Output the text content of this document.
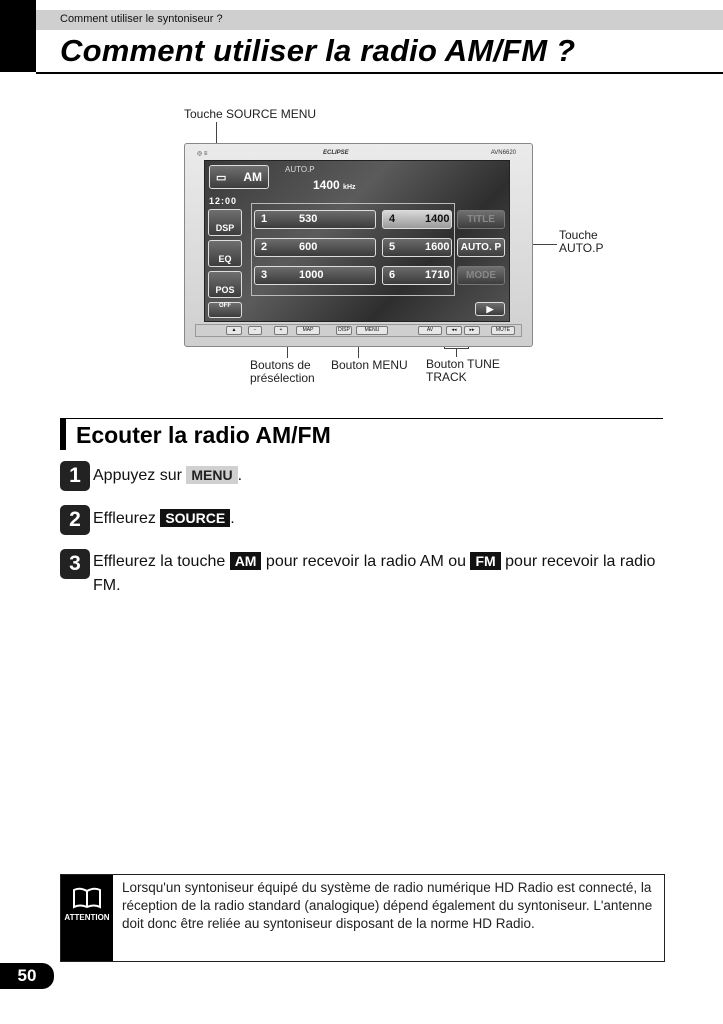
Comment utiliser le syntoniseur ?
Comment utiliser la radio AM/FM ?
Touche SOURCE MENU
Touche
AUTO.P
Boutons de
présélection
Bouton MENU Bouton TUNE
TRACK
◎ ≡	ECLIPSE	AVN6620
▭ AM
AUTO.P
1400 kHz
12:00
DSP
EQ
POS
OFF
1	530
2	600
3	1000
4	1400
5	1600
6	1710
TITLE
AUTO. P
MODE
▶
▲	−	+	MAP	DISP	MENU	AV	◂◂	▸▸	MUTE
Ecouter la radio AM/FM
1 Appuyez sur MENU .
2 Effleurez SOURCE .
3 Effleurez la touche AM pour recevoir la radio AM ou FM pour recevoir la radio FM.
ATTENTION
Lorsqu'un syntoniseur équipé du système de radio numérique HD Radio est connecté, la réception de la radio standard (analogique) dépend également du syntoniseur. L'antenne doit donc être reliée au syntoniseur disposant de la norme HD Radio.
50
